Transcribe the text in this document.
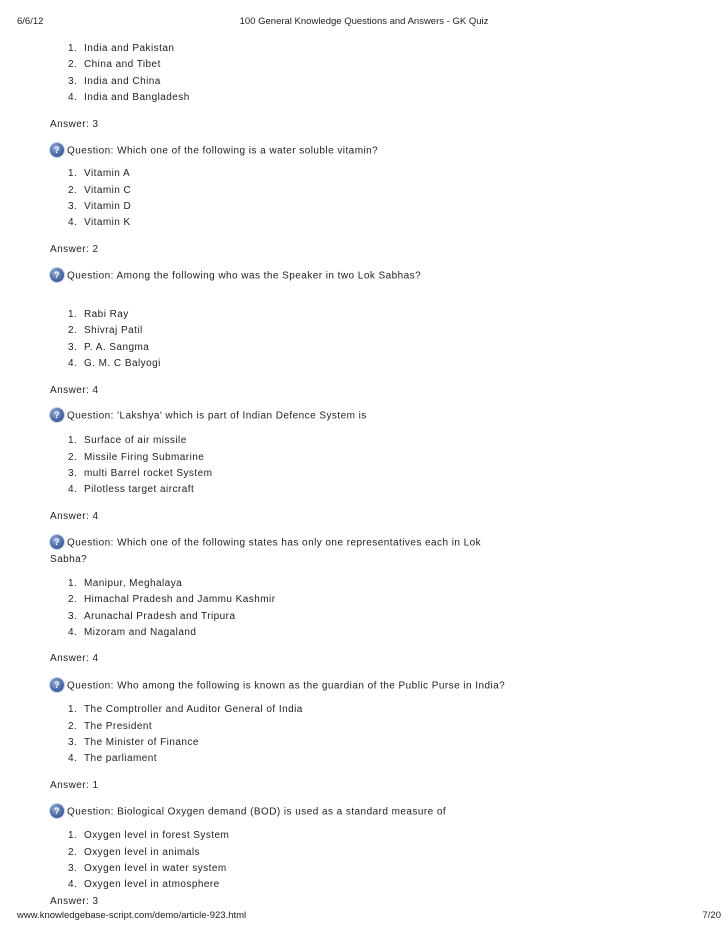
6/6/12	100 General Knowledge Questions and Answers - GK Quiz
1. India and Pakistan
2. China and Tibet
3. India and China
4. India and Bangladesh
Answer: 3
? Question: Which one of the following is a water soluble vitamin?
1. Vitamin A
2. Vitamin C
3. Vitamin D
4. Vitamin K
Answer: 2
? Question: Among the following who was the Speaker in two Lok Sabhas?
1. Rabi Ray
2. Shivraj Patil
3. P. A. Sangma
4. G. M. C Balyogi
Answer: 4
? Question: 'Lakshya' which is part of Indian Defence System is
1. Surface of air missile
2. Missile Firing Submarine
3. multi Barrel rocket System
4. Pilotless target aircraft
Answer: 4
? Question: Which one of the following states has only one representatives each in Lok
Sabha?
1. Manipur, Meghalaya
2. Himachal Pradesh and Jammu Kashmir
3. Arunachal Pradesh and Tripura
4. Mizoram and Nagaland
Answer: 4
? Question: Who among the following is known as the guardian of the Public Purse in India?
1. The Comptroller and Auditor General of India
2. The President
3. The Minister of Finance
4. The parliament
Answer: 1
? Question: Biological Oxygen demand (BOD) is used as a standard measure of
1. Oxygen level in forest System
2. Oxygen level in animals
3. Oxygen level in water system
4. Oxygen level in atmosphere
Answer: 3
www.knowledgebase-script.com/demo/article-923.html	7/20
